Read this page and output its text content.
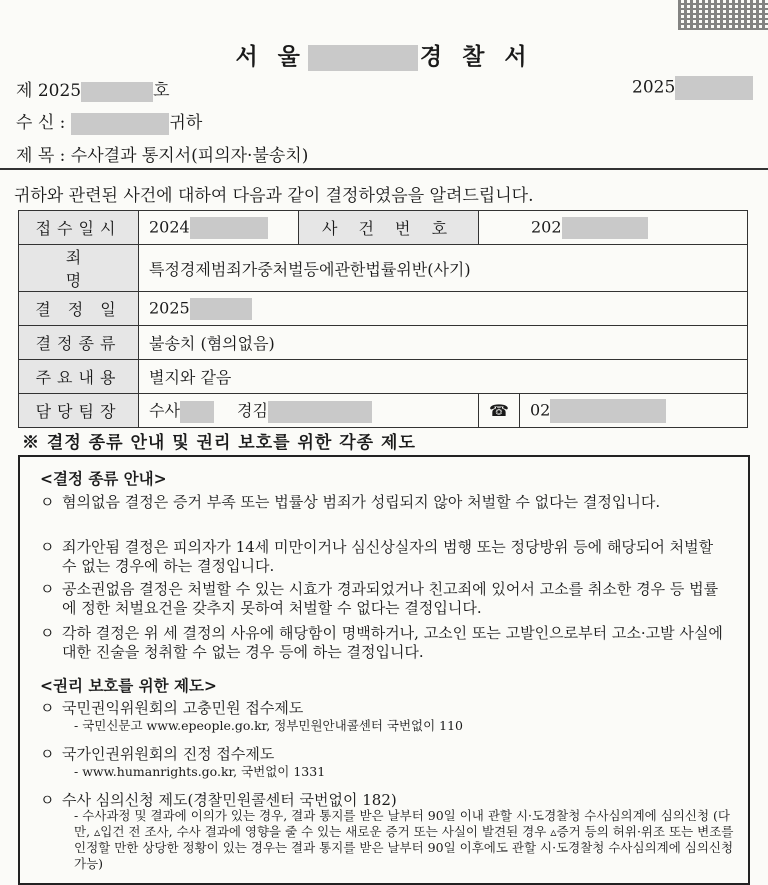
서 울	경 찰 서
제 2025	호	2025
수 신 :	귀하
제 목 : 수사결과 통지서(피의자·불송치)
귀하와 관련된 사건에 대하여 다음과 같이 결정하였음을 알려드립니다.
접수일시	2024	사 건 번 호	202	
죄 명	특정경제범죄가중처벌등에관한법률위반(사기)			
결 정 일	2025			
결정종류	불송치 (혐의없음)			
주요내용	별지와 같음			
담당팀장	수사 경김		☎	02
※ 결정 종류 안내 및 권리 보호를 위한 각종 제도
<결정 종류 안내>
ㅇ 혐의없음 결정은 증거 부족 또는 법률상 범죄가 성립되지 않아 처벌할 수 없다는 결정입니다.
ㅇ 죄가안됨 결정은 피의자가 14세 미만이거나 심신상실자의 범행 또는 정당방위 등에 해당되어 처벌할 수 없는 경우에 하는 결정입니다.
ㅇ 공소권없음 결정은 처벌할 수 있는 시효가 경과되었거나 친고죄에 있어서 고소를 취소한 경우 등 법률에 정한 처벌요건을 갖추지 못하여 처벌할 수 없다는 결정입니다.
ㅇ 각하 결정은 위 세 결정의 사유에 해당함이 명백하거나, 고소인 또는 고발인으로부터 고소·고발 사실에 대한 진술을 청취할 수 없는 경우 등에 하는 결정입니다.
<권리 보호를 위한 제도>
ㅇ 국민권익위원회의 고충민원 접수제도
- 국민신문고 www.epeople.go.kr, 정부민원안내콜센터 국번없이 110
ㅇ 국가인권위원회의 진정 접수제도
- www.humanrights.go.kr, 국번없이 1331
ㅇ 수사 심의신청 제도(경찰민원콜센터 국번없이 182)
- 수사과정 및 결과에 이의가 있는 경우, 결과 통지를 받은 날부터 90일 이내 관할 시·도경찰청 수사심의계에 심의신청 (다만, ▵입건 전 조사, 수사 결과에 영향을 줄 수 있는 새로운 증거 또는 사실이 발견된 경우 ▵증거 등의 허위·위조 또는 변조를 인정할 만한 상당한 정황이 있는 경우는 결과 통지를 받은 날부터 90일 이후에도 관할 시·도경찰청 수사심의계에 심의신청 가능)
